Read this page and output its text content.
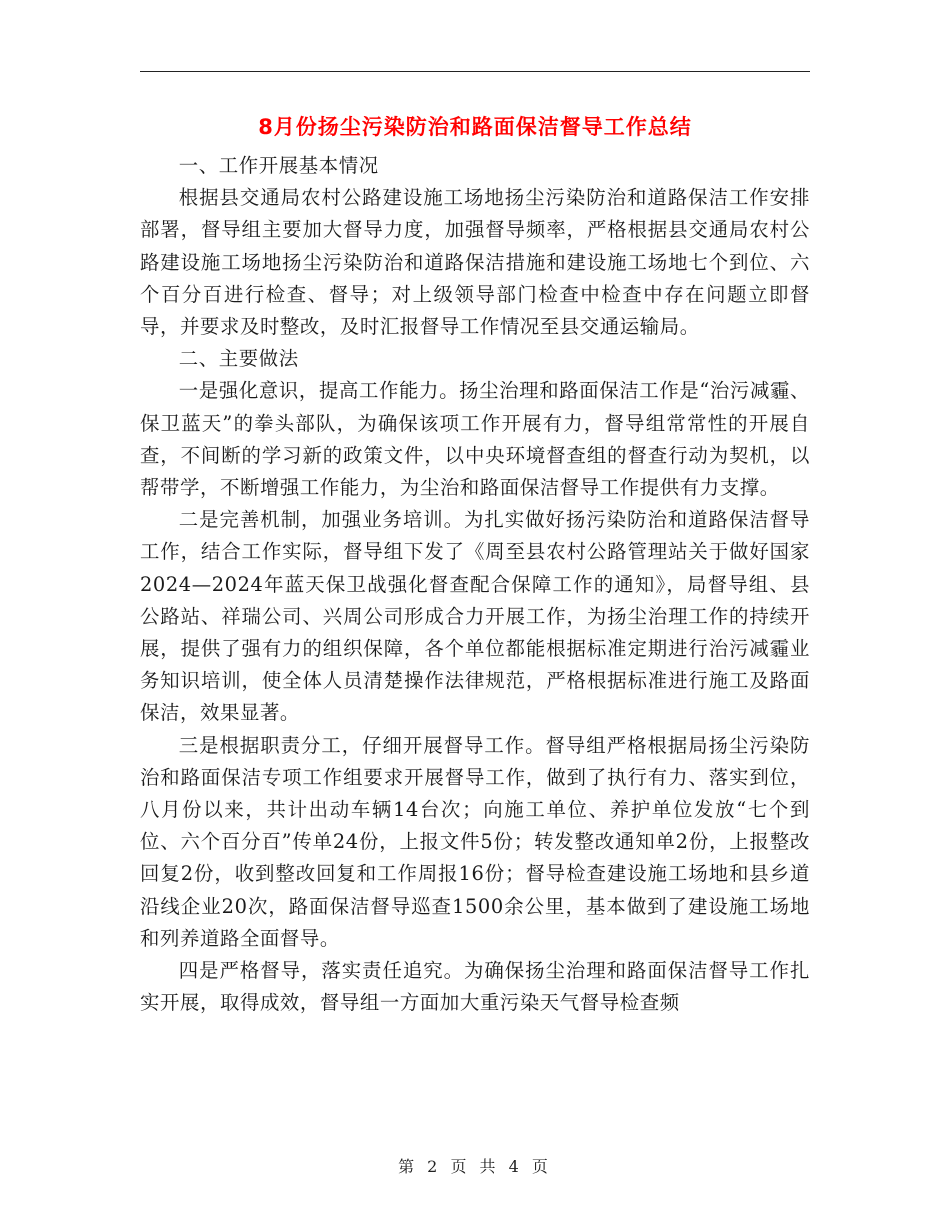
8月份扬尘污染防治和路面保洁督导工作总结

一、工作开展基本情况

根据县交通局农村公路建设施工场地扬尘污染防治和道路保洁工作安排部署，督导组主要加大督导力度，加强督导频率，严格根据县交通局农村公路建设施工场地扬尘污染防治和道路保洁措施和建设施工场地七个到位、六个百分百进行检查、督导；对上级领导部门检查中检查中存在问题立即督导，并要求及时整改，及时汇报督导工作情况至县交通运输局。

二、主要做法

一是强化意识，提高工作能力。扬尘治理和路面保洁工作是“治污减霾、保卫蓝天”的拳头部队，为确保该项工作开展有力，督导组常常性的开展自查，不间断的学习新的政策文件，以中央环境督查组的督查行动为契机，以帮带学，不断增强工作能力，为尘治和路面保洁督导工作提供有力支撑。

二是完善机制，加强业务培训。为扎实做好扬污染防治和道路保洁督导工作，结合工作实际，督导组下发了《周至县农村公路管理站关于做好国家2024—2024年蓝天保卫战强化督查配合保障工作的通知》，局督导组、县公路站、祥瑞公司、兴周公司形成合力开展工作，为扬尘治理工作的持续开展，提供了强有力的组织保障，各个单位都能根据标准定期进行治污减霾业务知识培训，使全体人员清楚操作法律规范，严格根据标准进行施工及路面保洁，效果显著。

三是根据职责分工，仔细开展督导工作。督导组严格根据局扬尘污染防治和路面保洁专项工作组要求开展督导工作，做到了执行有力、落实到位，八月份以来，共计出动车辆14台次；向施工单位、养护单位发放“七个到位、六个百分百”传单24份，上报文件5份；转发整改通知单2份，上报整改回复2份，收到整改回复和工作周报16份；督导检查建设施工场地和县乡道沿线企业20次，路面保洁督导巡查1500余公里，基本做到了建设施工场地和列养道路全面督导。

四是严格督导，落实责任追究。为确保扬尘治理和路面保洁督导工作扎实开展，取得成效，督导组一方面加大重污染天气督导检查频

第 2 页 共 4 页
